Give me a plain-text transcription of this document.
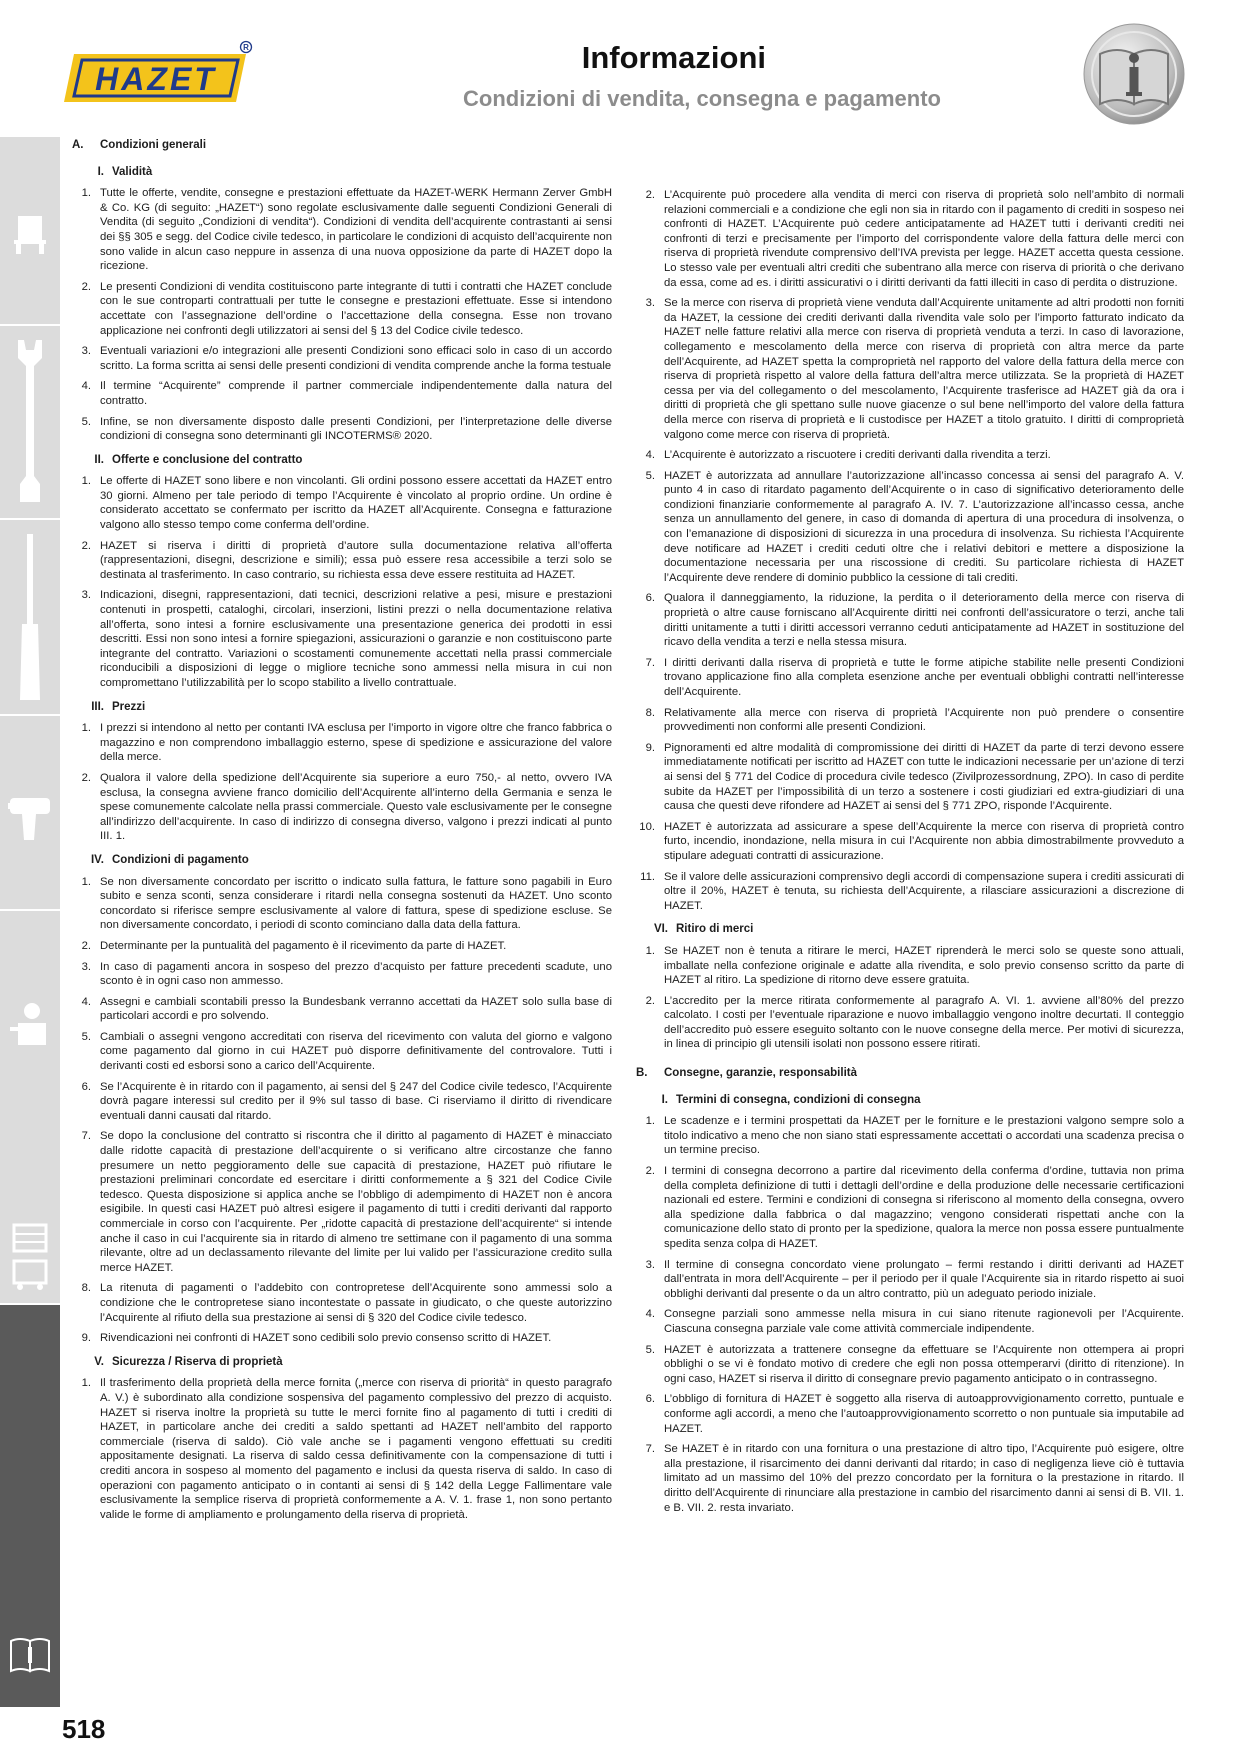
HAZET
R	Informazioni
Condizioni di vendita, consegna e pagamento
518
A. Condizioni generali
I. Validità
1. Tutte le offerte, vendite, consegne e prestazioni effettuate da HAZET-WERK Hermann Zerver GmbH & Co. KG (di seguito: „HAZET“) sono regolate esclusivamente dalle seguenti Condizioni Generali di Vendita (di seguito „Condizioni di vendita“). Condizioni di vendita dell’acquirente contrastanti ai sensi dei §§ 305 e segg. del Codice civile tedesco, in particolare le condizioni di acquisto dell’acquirente non sono valide in alcun caso neppure in assenza di una nuova opposizione da parte di HAZET dopo la ricezione.
2. Le presenti Condizioni di vendita costituiscono parte integrante di tutti i contratti che HAZET conclude con le sue controparti contrattuali per tutte le consegne e prestazioni effettuate. Esse si intendono accettate con l’assegnazione dell’ordine o l’accettazione della consegna. Esse non trovano applicazione nei confronti degli utilizzatori ai sensi del § 13 del Codice civile tedesco.
3. Eventuali variazioni e/o integrazioni alle presenti Condizioni sono efficaci solo in caso di un accordo scritto. La forma scritta ai sensi delle presenti condizioni di vendita comprende anche la forma testuale
4. Il termine “Acquirente” comprende il partner commerciale indipendentemente dalla natura del contratto.
5. Infine, se non diversamente disposto dalle presenti Condizioni, per l’interpretazione delle diverse condizioni di consegna sono determinanti gli INCOTERMS® 2020.
II. Offerte e conclusione del contratto
1. Le offerte di HAZET sono libere e non vincolanti. Gli ordini possono essere accettati da HAZET entro 30 giorni. Almeno per tale periodo di tempo l’Acquirente è vincolato al proprio ordine. Un ordine è considerato accettato se confermato per iscritto da HAZET all’Acquirente. Consegna e fatturazione valgono allo stesso tempo come conferma dell’ordine.
2. HAZET si riserva i diritti di proprietà d’autore sulla documentazione relativa all’offerta (rappresentazioni, disegni, descrizione e simili); essa può essere resa accessibile a terzi solo se destinata al trasferimento. In caso contrario, su richiesta essa deve essere restituita ad HAZET.
3. Indicazioni, disegni, rappresentazioni, dati tecnici, descrizioni relative a pesi, misure e prestazioni contenuti in prospetti, cataloghi, circolari, inserzioni, listini prezzi o nella documentazione relativa all’offerta, sono intesi a fornire esclusivamente una presentazione generica dei prodotti in essi descritti. Essi non sono intesi a fornire spiegazioni, assicurazioni o garanzie e non costituiscono parte integrante del contratto. Variazioni o scostamenti comunemente accettati nella prassi commerciale riconducibili a disposizioni di legge o migliore tecniche sono ammessi nella misura in cui non compromettano l’utilizzabilità per lo scopo stabilito a livello contrattuale.
III. Prezzi
1. I prezzi si intendono al netto per contanti IVA esclusa per l’importo in vigore oltre che franco fabbrica o magazzino e non comprendono imballaggio esterno, spese di spedizione e assicurazione del valore della merce.
2. Qualora il valore della spedizione dell’Acquirente sia superiore a euro 750,- al netto, ovvero IVA esclusa, la consegna avviene franco domicilio dell’Acquirente all’interno della Germania e senza le spese comunemente calcolate nella prassi commerciale. Questo vale esclusivamente per le consegne all’indirizzo dell’acquirente. In caso di indirizzo di consegna diverso, valgono i prezzi indicati al punto III. 1.
IV. Condizioni di pagamento
1. Se non diversamente concordato per iscritto o indicato sulla fattura, le fatture sono pagabili in Euro subito e senza sconti, senza considerare i ritardi nella consegna sostenuti da HAZET. Uno sconto concordato si riferisce sempre esclusivamente al valore di fattura, spese di spedizione escluse. Se non diversamente concordato, i periodi di sconto cominciano dalla data della fattura.
2. Determinante per la puntualità del pagamento è il ricevimento da parte di HAZET.
3. In caso di pagamenti ancora in sospeso del prezzo d’acquisto per fatture precedenti scadute, uno sconto è in ogni caso non ammesso.
4. Assegni e cambiali scontabili presso la Bundesbank verranno accettati da HAZET solo sulla base di particolari accordi e pro solvendo.
5. Cambiali o assegni vengono accreditati con riserva del ricevimento con valuta del giorno e valgono come pagamento dal giorno in cui HAZET può disporre definitivamente del controvalore. Tutti i derivanti costi ed esborsi sono a carico dell’Acquirente.
6. Se l’Acquirente è in ritardo con il pagamento, ai sensi del § 247 del Codice civile tedesco, l’Acquirente dovrà pagare interessi sul credito per il 9% sul tasso di base. Ci riserviamo il diritto di rivendicare eventuali danni causati dal ritardo.
7. Se dopo la conclusione del contratto si riscontra che il diritto al pagamento di HAZET è minacciato dalle ridotte capacità di prestazione dell’acquirente o si verificano altre circostanze che fanno presumere un netto peggioramento delle sue capacità di prestazione, HAZET può rifiutare le prestazioni preliminari concordate ed esercitare i diritti conformemente a § 321 del Codice Civile tedesco. Questa disposizione si applica anche se l’obbligo di adempimento di HAZET non è ancora esigibile. In questi casi HAZET può altresì esigere il pagamento di tutti i crediti derivanti dal rapporto commerciale in corso con l’acquirente. Per „ridotte capacità di prestazione dell’acquirente“ si intende anche il caso in cui l’acquirente sia in ritardo di almeno tre settimane con il pagamento di una somma rilevante, oltre ad un declassamento rilevante del limite per lui valido per l’assicurazione credito sulla merce HAZET.
8. La ritenuta di pagamenti o l’addebito con contropretese dell’Acquirente sono ammessi solo a condizione che le contropretese siano incontestate o passate in giudicato, o che queste autorizzino l’Acquirente al rifiuto della sua prestazione ai sensi di § 320 del Codice civile tedesco.
9. Rivendicazioni nei confronti di HAZET sono cedibili solo previo consenso scritto di HAZET.
V. Sicurezza / Riserva di proprietà
1. Il trasferimento della proprietà della merce fornita („merce con riserva di priorità“ in questo paragrafo A. V.) è subordinato alla condizione sospensiva del pagamento complessivo del prezzo di acquisto. HAZET si riserva inoltre la proprietà su tutte le merci fornite fino al pagamento di tutti i crediti di HAZET, in particolare anche dei crediti a saldo spettanti ad HAZET nell’ambito del rapporto commerciale (riserva di saldo). Ciò vale anche se i pagamenti vengono effettuati su crediti appositamente designati. La riserva di saldo cessa definitivamente con la compensazione di tutti i crediti ancora in sospeso al momento del pagamento e inclusi da questa riserva di saldo. In caso di operazioni con pagamento anticipato o in contanti ai sensi di § 142 della Legge Fallimentare vale esclusivamente la semplice riserva di proprietà conformemente a A. V. 1. frase 1, non sono pertanto valide le forme di ampliamento e prolungamento della riserva di proprietà.
2. L’Acquirente può procedere alla vendita di merci con riserva di proprietà solo nell’ambito di normali relazioni commerciali e a condizione che egli non sia in ritardo con il pagamento di crediti in sospeso nei confronti di HAZET. L’Acquirente può cedere anticipatamente ad HAZET tutti i derivanti crediti nei confronti di terzi e precisamente per l’importo del corrispondente valore della fattura delle merci con riserva di proprietà rivendute comprensivo dell’IVA prevista per legge. HAZET accetta questa cessione. Lo stesso vale per eventuali altri crediti che subentrano alla merce con riserva di priorità o che derivano da essa, come ad es. i diritti assicurativi o i diritti derivanti da fatti illeciti in caso di perdita o distruzione.
3. Se la merce con riserva di proprietà viene venduta dall’Acquirente unitamente ad altri prodotti non forniti da HAZET, la cessione dei crediti derivanti dalla rivendita vale solo per l’importo fatturato indicato da HAZET nelle fatture relativi alla merce con riserva di proprietà venduta a terzi. In caso di lavorazione, collegamento e mescolamento della merce con riserva di proprietà con altra merce da parte dell’Acquirente, ad HAZET spetta la comproprietà nel rapporto del valore della fattura della merce con riserva di proprietà rispetto al valore della fattura dell’altra merce utilizzata. Se la proprietà di HAZET cessa per via del collegamento o del mescolamento, l’Acquirente trasferisce ad HAZET già da ora i diritti di proprietà che gli spettano sulle nuove giacenze o sul bene nell’importo del valore della fattura della merce con riserva di proprietà e li custodisce per HAZET a titolo gratuito. I diritti di comproprietà valgono come merce con riserva di proprietà.
4. L’Acquirente è autorizzato a riscuotere i crediti derivanti dalla rivendita a terzi.
5. HAZET è autorizzata ad annullare l’autorizzazione all’incasso concessa ai sensi del paragrafo A. V. punto 4 in caso di ritardato pagamento dell’Acquirente o in caso di significativo deterioramento delle condizioni finanziarie conformemente al paragrafo A. IV. 7. L’autorizzazione all’incasso cessa, anche senza un annullamento del genere, in caso di domanda di apertura di una procedura di insolvenza, o con l’emanazione di disposizioni di sicurezza in una procedura di insolvenza. Su richiesta l’Acquirente deve notificare ad HAZET i crediti ceduti oltre che i relativi debitori e mettere a disposizione la documentazione necessaria per una riscossione di crediti. Su particolare richiesta di HAZET l’Acquirente deve rendere di dominio pubblico la cessione di tali crediti.
6. Qualora il danneggiamento, la riduzione, la perdita o il deterioramento della merce con riserva di proprietà o altre cause forniscano all’Acquirente diritti nei confronti dell’assicuratore o terzi, anche tali diritti unitamente a tutti i diritti accessori verranno ceduti anticipatamente ad HAZET in sostituzione del ricavo della vendita a terzi e nella stessa misura.
7. I diritti derivanti dalla riserva di proprietà e tutte le forme atipiche stabilite nelle presenti Condizioni trovano applicazione fino alla completa esenzione anche per eventuali obblighi contratti nell’interesse dell’Acquirente.
8. Relativamente alla merce con riserva di proprietà l’Acquirente non può prendere o consentire provvedimenti non conformi alle presenti Condizioni.
9. Pignoramenti ed altre modalità di compromissione dei diritti di HAZET da parte di terzi devono essere immediatamente notificati per iscritto ad HAZET con tutte le indicazioni necessarie per un’azione di terzi ai sensi del § 771 del Codice di procedura civile tedesco (Zivilprozessordnung, ZPO). In caso di perdite subite da HAZET per l’impossibilità di un terzo a sostenere i costi giudiziari ed extra-giudiziari di una causa che questi deve rifondere ad HAZET ai sensi del § 771 ZPO, risponde l’Acquirente.
10. HAZET è autorizzata ad assicurare a spese dell’Acquirente la merce con riserva di proprietà contro furto, incendio, inondazione, nella misura in cui l’Acquirente non abbia dimostrabilmente provveduto a stipulare adeguati contratti di assicurazione.
11. Se il valore delle assicurazioni comprensivo degli accordi di compensazione supera i crediti assicurati di oltre il 20%, HAZET è tenuta, su richiesta dell’Acquirente, a rilasciare assicurazioni a discrezione di HAZET.
VI. Ritiro di merci
1. Se HAZET non è tenuta a ritirare le merci, HAZET riprenderà le merci solo se queste sono attuali, imballate nella confezione originale e adatte alla rivendita, e solo previo consenso scritto da parte di HAZET al ritiro. La spedizione di ritorno deve essere gratuita.
2. L’accredito per la merce ritirata conformemente al paragrafo A. VI. 1. avviene all’80% del prezzo calcolato. I costi per l’eventuale riparazione e nuovo imballaggio vengono inoltre decurtati. Il conteggio dell’accredito può essere eseguito soltanto con le nuove consegne della merce. Per motivi di sicurezza, in linea di principio gli utensili isolati non possono essere ritirati.
B. Consegne, garanzie, responsabilità
I. Termini di consegna, condizioni di consegna
1. Le scadenze e i termini prospettati da HAZET per le forniture e le prestazioni valgono sempre solo a titolo indicativo a meno che non siano stati espressamente accettati o accordati una scadenza precisa o un termine preciso.
2. I termini di consegna decorrono a partire dal ricevimento della conferma d’ordine, tuttavia non prima della completa definizione di tutti i dettagli dell’ordine e della produzione delle necessarie certificazioni nazionali ed estere. Termini e condizioni di consegna si riferiscono al momento della consegna, ovvero alla spedizione dalla fabbrica o dal magazzino; vengono considerati rispettati anche con la comunicazione dello stato di pronto per la spedizione, qualora la merce non possa essere puntualmente spedita senza colpa di HAZET.
3. Il termine di consegna concordato viene prolungato – fermi restando i diritti derivanti ad HAZET dall’entrata in mora dell’Acquirente – per il periodo per il quale l’Acquirente sia in ritardo rispetto ai suoi obblighi derivanti dal presente o da un altro contratto, più un adeguato periodo iniziale.
4. Consegne parziali sono ammesse nella misura in cui siano ritenute ragionevoli per l’Acquirente. Ciascuna consegna parziale vale come attività commerciale indipendente.
5. HAZET è autorizzata a trattenere consegne da effettuare se l’Acquirente non ottempera ai propri obblighi o se vi è fondato motivo di credere che egli non possa ottemperarvi (diritto di ritenzione). In ogni caso, HAZET si riserva il diritto di consegnare previo pagamento anticipato o in contrassegno.
6. L’obbligo di fornitura di HAZET è soggetto alla riserva di autoapprovvigionamento corretto, puntuale e conforme agli accordi, a meno che l’autoapprovvigionamento scorretto o non puntuale sia imputabile ad HAZET.
7. Se HAZET è in ritardo con una fornitura o una prestazione di altro tipo, l’Acquirente può esigere, oltre alla prestazione, il risarcimento dei danni derivanti dal ritardo; in caso di negligenza lieve ciò è tuttavia limitato ad un massimo del 10% del prezzo concordato per la fornitura o la prestazione in ritardo. Il diritto dell’Acquirente di rinunciare alla prestazione in cambio del risarcimento danni ai sensi di B. VII. 1. e B. VII. 2. resta invariato.
